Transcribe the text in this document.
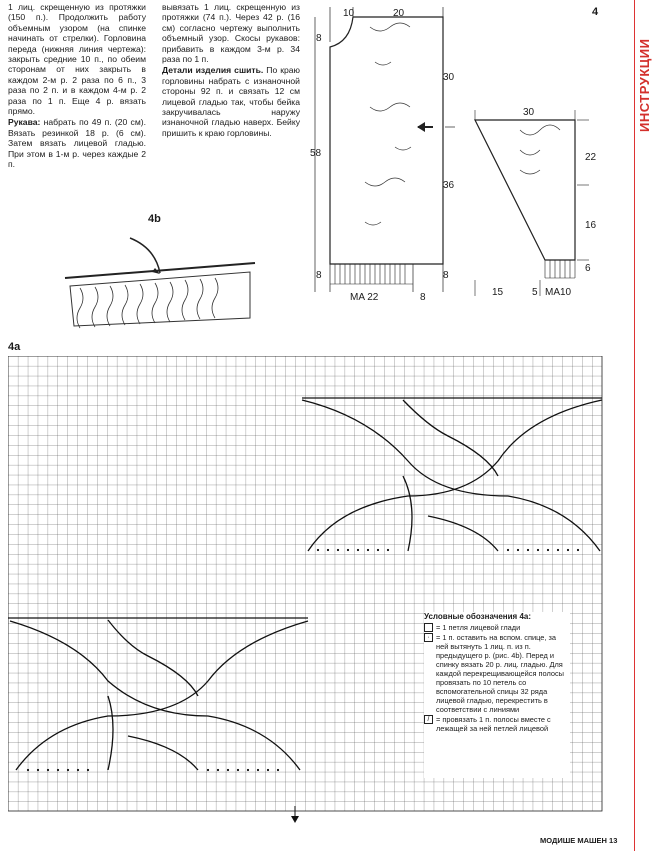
ИНСТРУКЦИИ

1 лиц. скрещенную из протяжки (150 п.). Продолжить работу объемным узором (на спинке начинать от стрелки). Горловина переда (нижняя линия чертежа): закрыть средние 10 п., по обеим сторонам от них закрыть в каждом 2-м р. 2 раза по 6 п., 3 раза по 2 п. и в каждом 4-м р. 2 раза по 1 п. Еще 4 р. вязать прямо.

Рукава: набрать по 49 п. (20 см). Вязать резинкой 18 р. (6 см). Затем вязать лицевой гладью. При этом в 1-м р. через каждые 2 п.

вывязать 1 лиц. скрещенную из протяжки (74 п.). Через 42 р. (16 см) согласно чертежу выполнить объемный узор. Скосы рукавов: прибавить в каждом 3-м р. 34 раза по 1 п.

Детали изделия сшить. По краю горловины набрать с изнаночной стороны 92 п. и связать 12 см лицевой гладью так, чтобы бейка закручивалась наружу изнаночной гладью наверх. Бейку пришить к краю горловины.

4
4b
10	20
8
30
58
36
8	8
MA 22	8
30
22
16
6
15	5 MA10
4a
Условные обозначения 4a:
= 1 петля лицевой глади
· = 1 п. оставить на вспом. спице, за ней вытянуть 1 лиц. п. из п. предыдущего р. (рис. 4b). Перед и спинку вязать 20 р. лиц. гладью. Для каждой перекрещивающейся полосы провязать по 10 петель со вспомогательной спицы 32 ряда лицевой гладью, перекрестить в соответствии с линиями
/ = провязать 1 п. полосы вместе с лежащей за ней петлей лицевой
МОДИШЕ МАШЕН 13
